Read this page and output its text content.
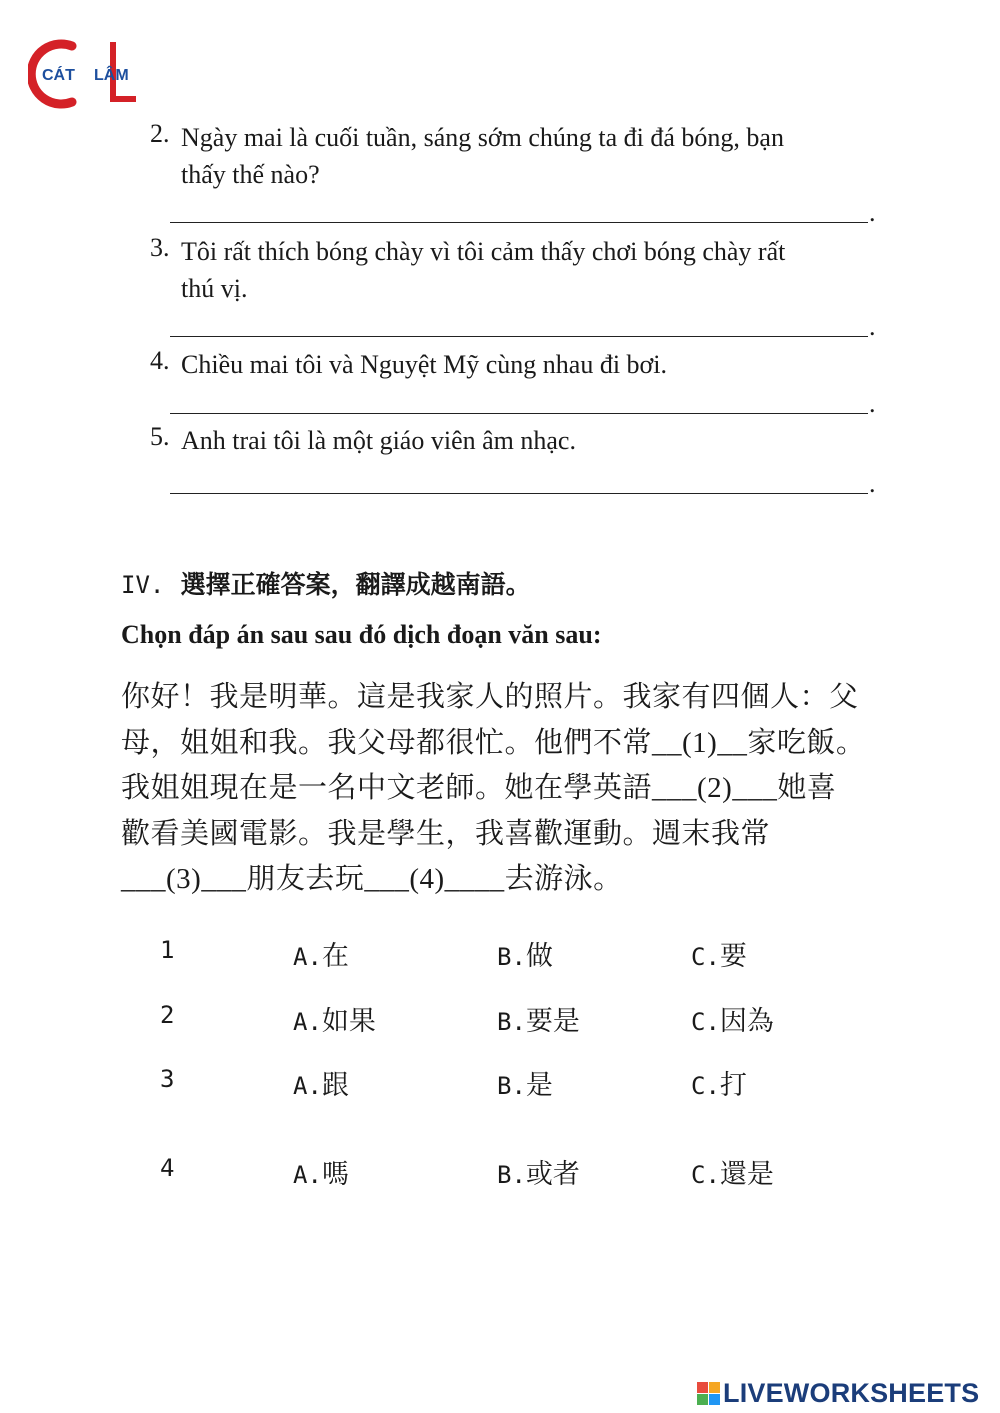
CÁT LÂM
2. Ngày mai là cuối tuần, sáng sớm chúng ta đi đá bóng, bạn
thấy thế nào?
.
3. Tôi rất thích bóng chày vì tôi cảm thấy chơi bóng chày rất
thú vị.
.
4. Chiều mai tôi và Nguyệt Mỹ cùng nhau đi bơi.
.
5. Anh trai tôi là một giáo viên âm nhạc.
.
IV. 選擇正確答案，翻譯成越南語。
Chọn đáp án sau sau đó dịch đoạn văn sau:
你好！我是明華。這是我家人的照片。我家有四個人：父
母，姐姐和我。我父母都很忙。他們不常__(1)__家吃飯。
我姐姐現在是一名中文老師。她在學英語___(2)___她喜
歡看美國電影。我是學生，我喜歡運動。週末我常
___(3)___朋友去玩___(4)____去游泳。
1	A.在	B.做	C.要
2	A.如果	B.要是	C.因為
3	A.跟	B.是	C.打
4	A.嗎	B.或者	C.還是
LIVEWORKSHEETS
